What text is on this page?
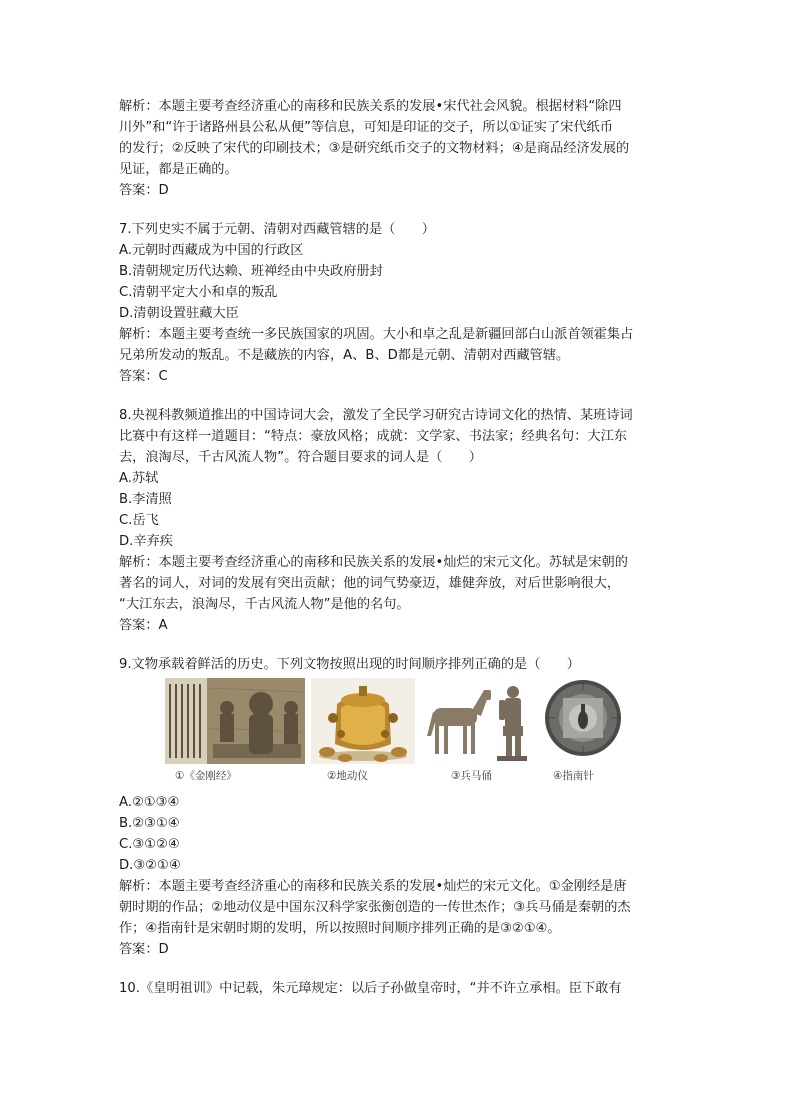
解析：本题主要考查经济重心的南移和民族关系的发展•宋代社会风貌。根据材料“除四
川外”和“许于诸路州县公私从便”等信息，可知是印证的交子，所以①证实了宋代纸币
的发行；②反映了宋代的印刷技术；③是研究纸币交子的文物材料；④是商品经济发展的
见证，都是正确的。
答案：D
7.下列史实不属于元朝、清朝对西藏管辖的是（　　）
A.元朝时西藏成为中国的行政区
B.清朝规定历代达赖、班禅经由中央政府册封
C.清朝平定大小和卓的叛乱
D.清朝设置驻藏大臣
解析：本题主要考查统一多民族国家的巩固。大小和卓之乱是新疆回部白山派首领霍集占
兄弟所发动的叛乱。不是藏族的内容，A、B、D都是元朝、清朝对西藏管辖。
答案：C
8.央视科教频道推出的中国诗词大会，激发了全民学习研究古诗词文化的热情、某班诗词
比赛中有这样一道题目：“特点：豪放风格；成就：文学家、书法家；经典名句：大江东
去，浪淘尽，千古风流人物”。符合题目要求的词人是（　　）
A.苏轼
B.李清照
C.岳飞
D.辛弃疾
解析：本题主要考查经济重心的南移和民族关系的发展•灿烂的宋元文化。苏轼是宋朝的
著名的词人，对词的发展有突出贡献；他的词气势豪迈，雄健奔放，对后世影响很大，
“大江东去，浪淘尽，千古风流人物”是他的名句。
答案：A
9.文物承载着鲜活的历史。下列文物按照出现的时间顺序排列正确的是（　　）
①《金刚经》	②地动仪	③兵马俑	④指南针
A.②①③④
B.②③①④
C.③①②④
D.③②①④
解析：本题主要考查经济重心的南移和民族关系的发展•灿烂的宋元文化。①金刚经是唐
朝时期的作品；②地动仪是中国东汉科学家张衡创造的一传世杰作；③兵马俑是秦朝的杰
作；④指南针是宋朝时期的发明，所以按照时间顺序排列正确的是③②①④。
答案：D
10.《皇明祖训》中记载，朱元璋规定：以后子孙做皇帝时，“并不许立承相。臣下敢有
